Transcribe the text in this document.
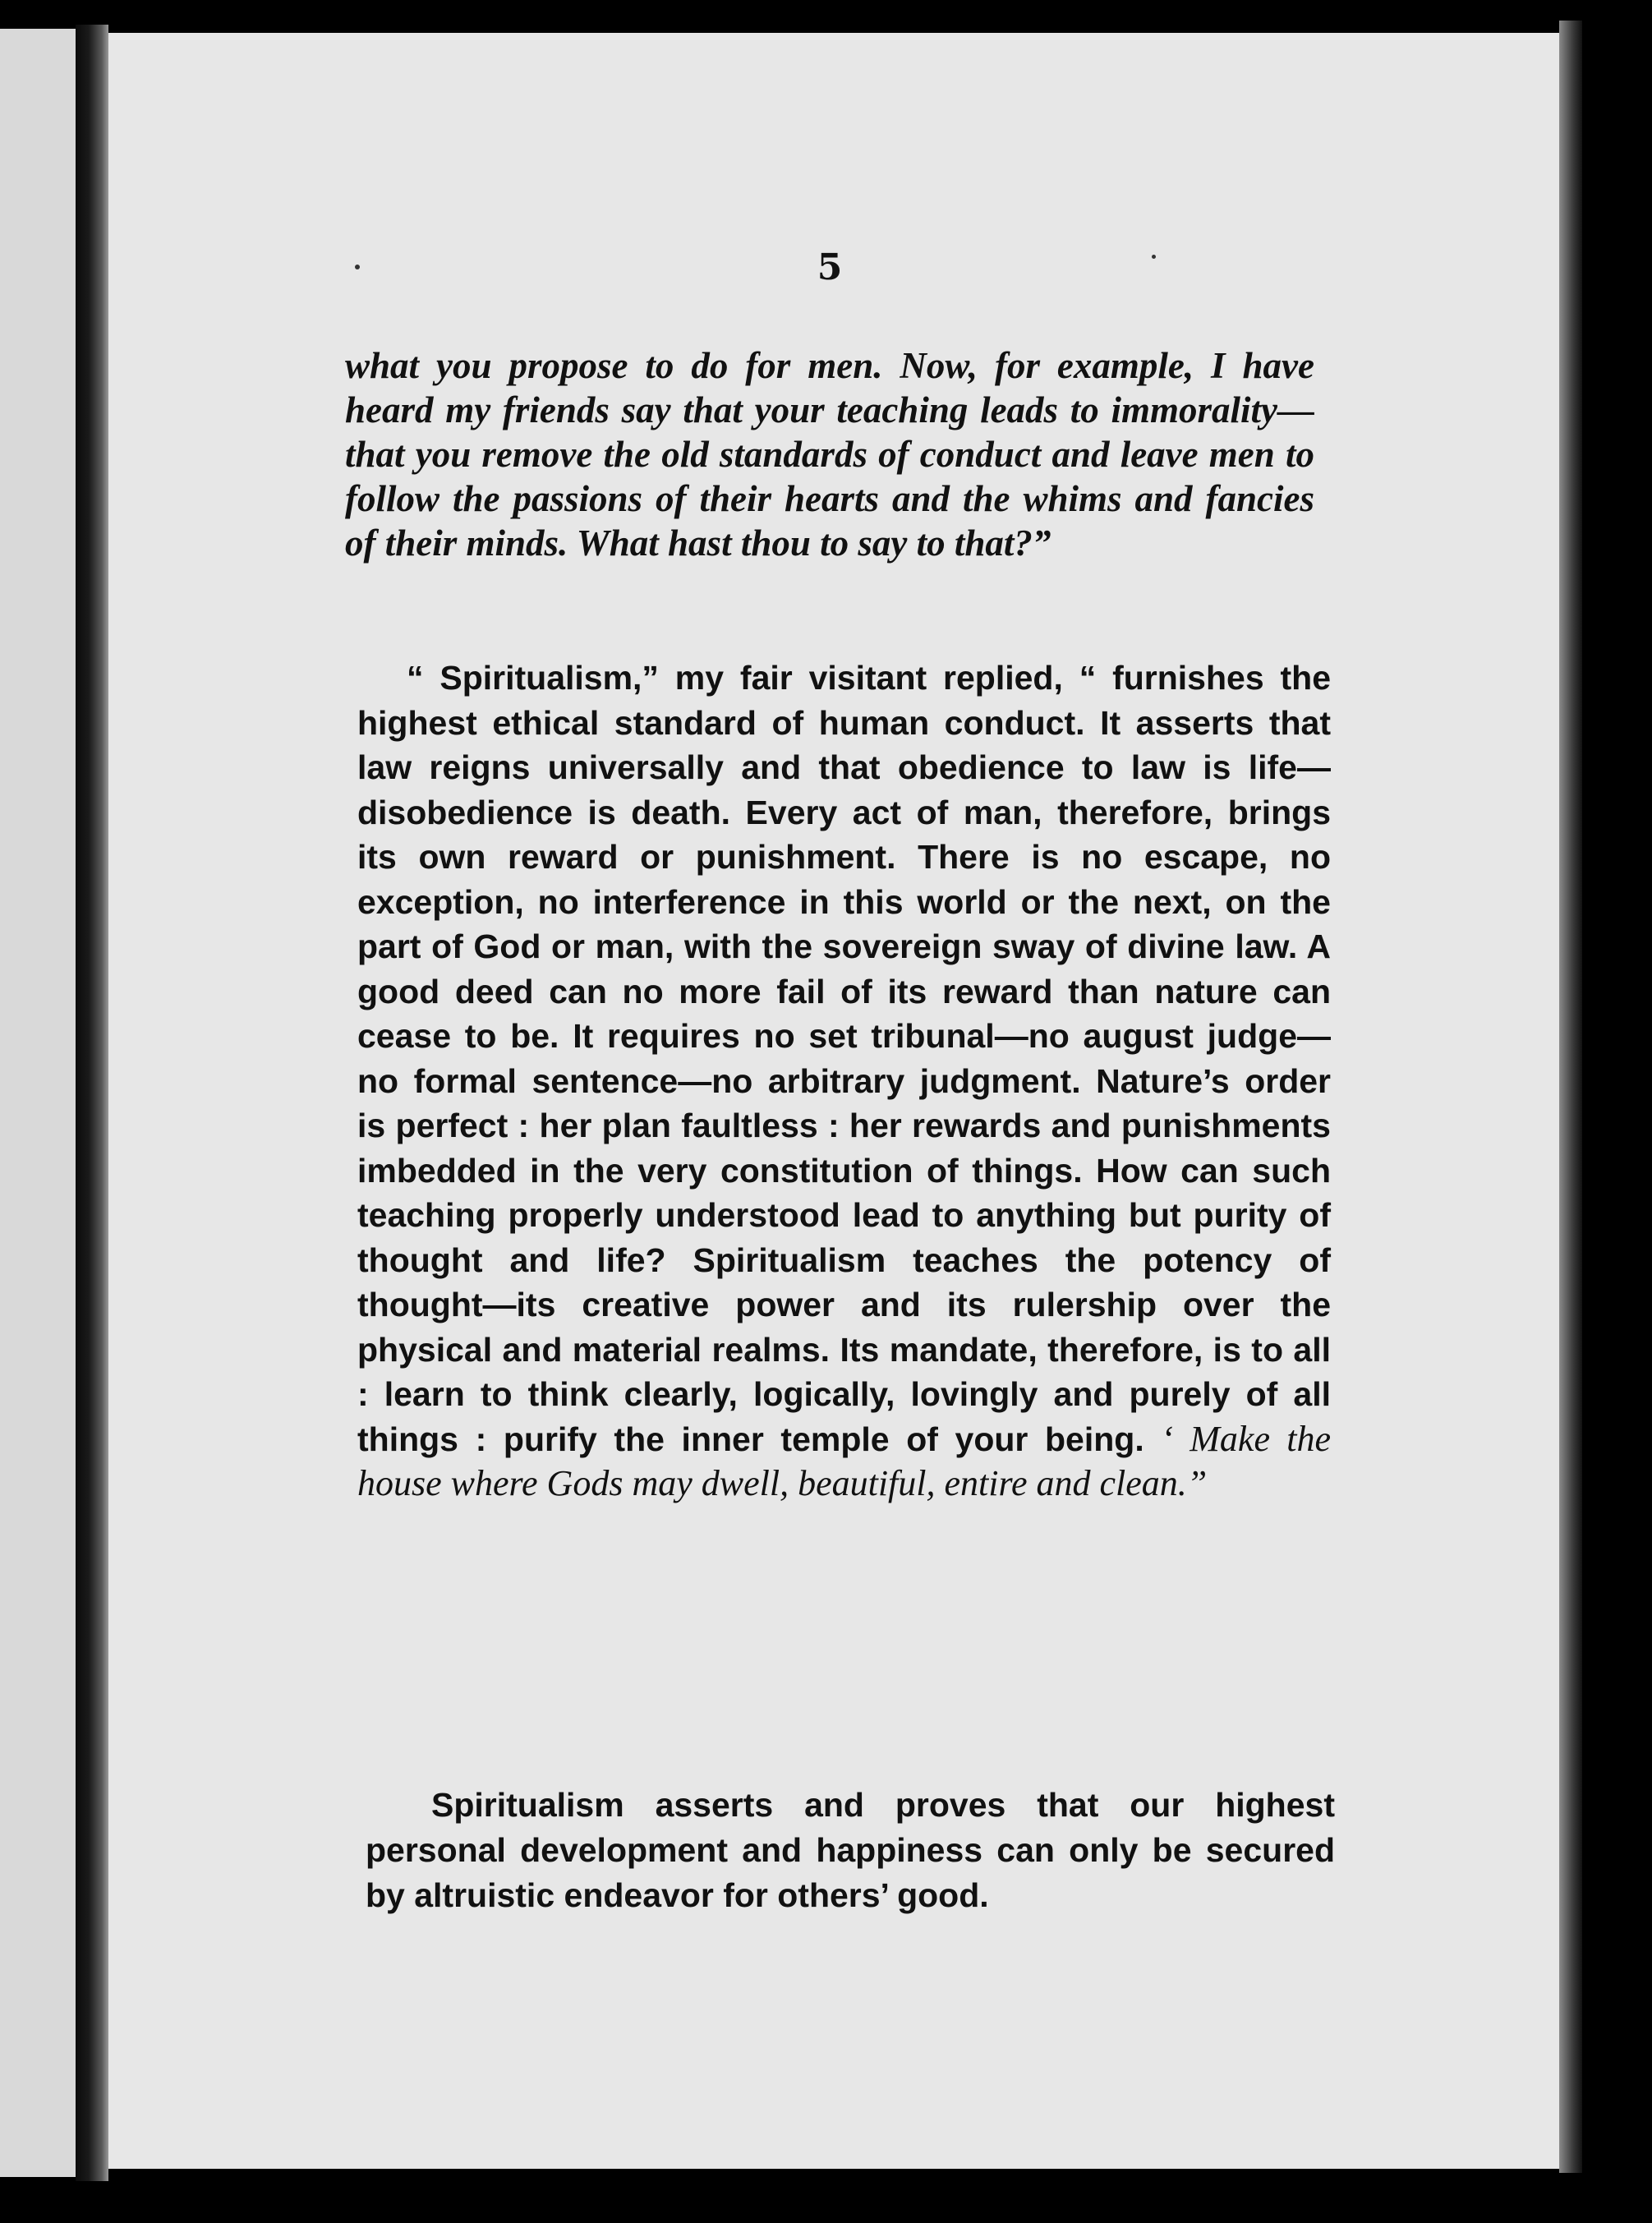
5

what you propose to do for men. Now, for example, I have heard my friends say that your teaching leads to immorality—that you remove the old standards of conduct and leave men to follow the passions of their hearts and the whims and fancies of their minds. What hast thou to say to that?”

“ Spiritualism,” my fair visitant replied, “ furnishes the highest ethical standard of human conduct. It asserts that law reigns universally and that obedience to law is life—disobedience is death. Every act of man, therefore, brings its own reward or punishment. There is no escape, no exception, no interference in this world or the next, on the part of God or man, with the sovereign sway of divine law. A good deed can no more fail of its reward than nature can cease to be. It requires no set tribunal—no august judge—no formal sentence—no arbitrary judgment. Nature’s order is perfect : her plan faultless : her rewards and punishments imbedded in the very constitution of things. How can such teaching properly understood lead to anything but purity of thought and life? Spiritualism teaches the potency of thought—its creative power and its rulership over the physical and material realms. Its mandate, therefore, is to all : learn to think clearly, logically, lovingly and purely of all things : purify the inner temple of your being. ‘ Make the house where Gods may dwell, beautiful, entire and clean.”

Spiritualism asserts and proves that our highest personal development and happiness can only be secured by altruistic endeavor for others’ good.
